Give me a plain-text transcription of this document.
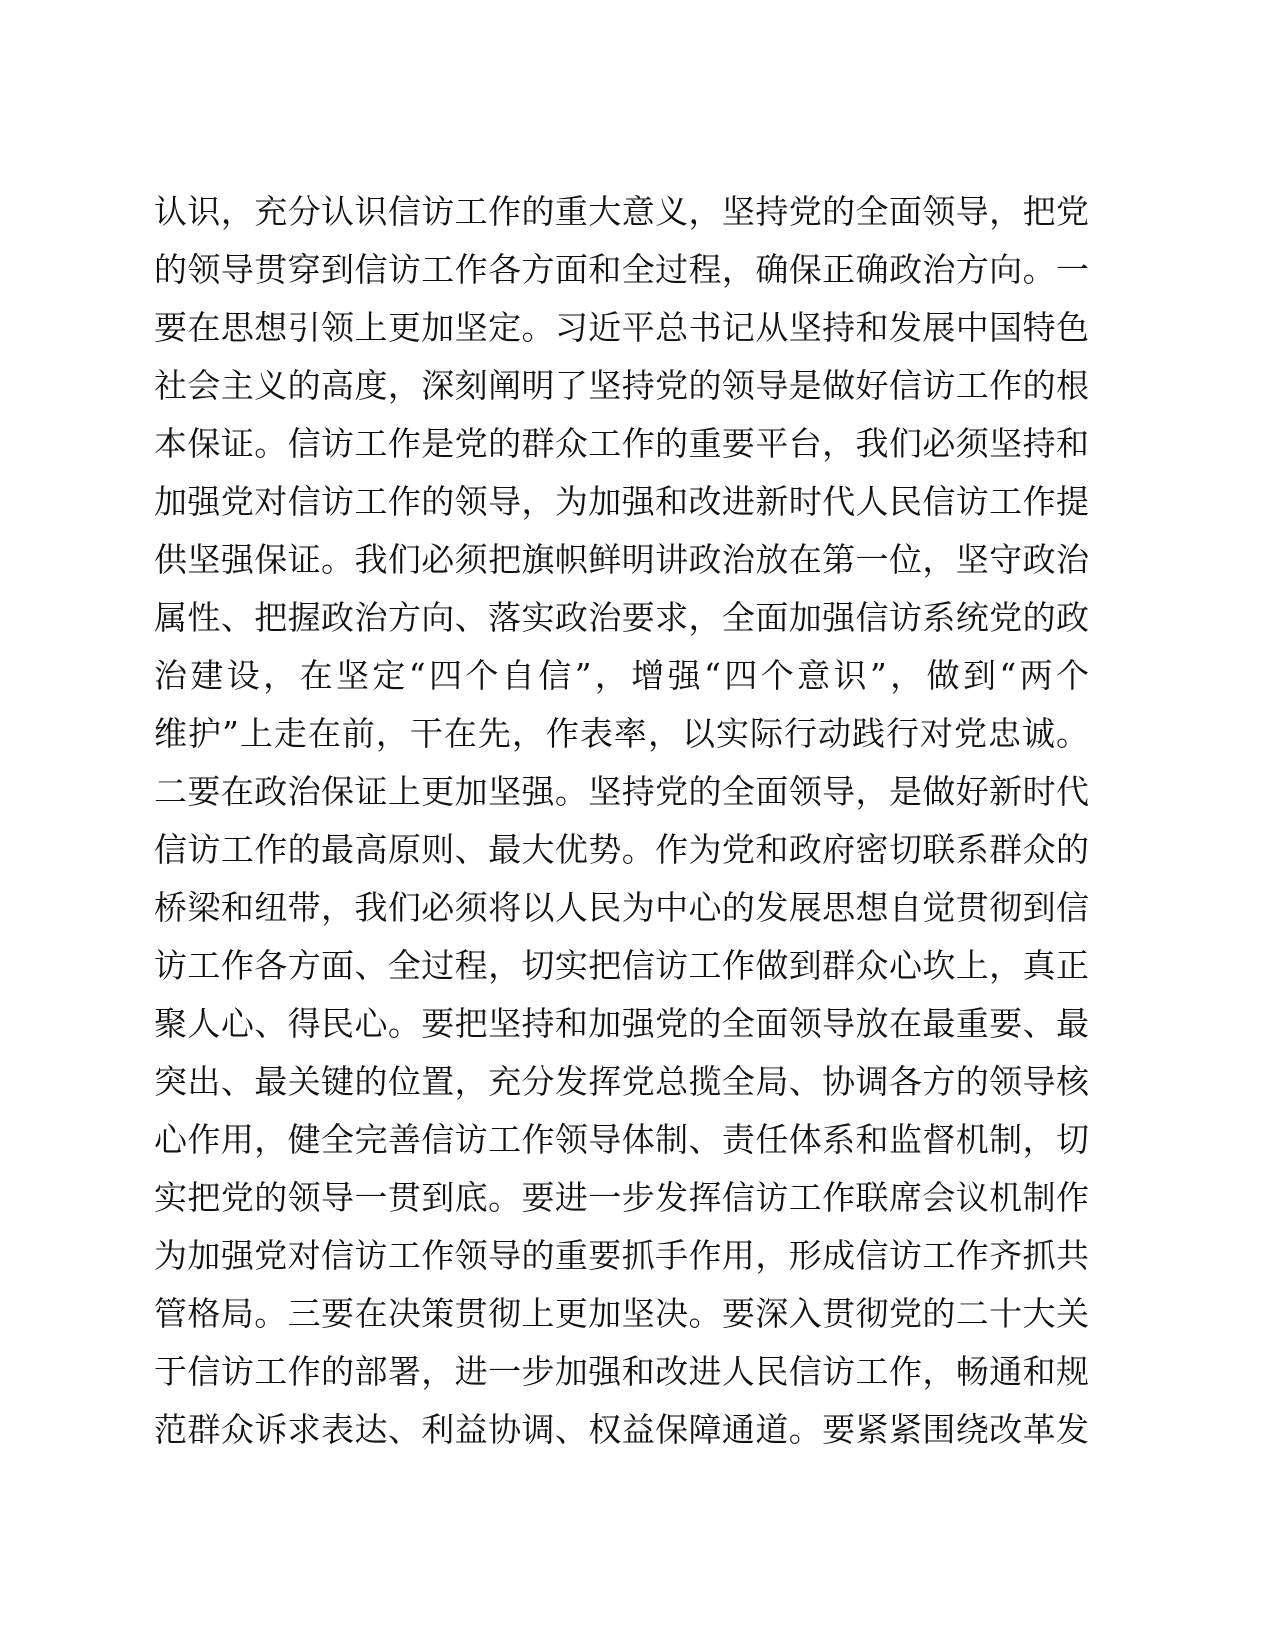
认识，充分认识信访工作的重大意义，坚持党的全面领导，把党
的领导贯穿到信访工作各方面和全过程，确保正确政治方向。一
要在思想引领上更加坚定。习近平总书记从坚持和发展中国特色
社会主义的高度，深刻阐明了坚持党的领导是做好信访工作的根
本保证。信访工作是党的群众工作的重要平台，我们必须坚持和
加强党对信访工作的领导，为加强和改进新时代人民信访工作提
供坚强保证。我们必须把旗帜鲜明讲政治放在第一位，坚守政治
属性、把握政治方向、落实政治要求，全面加强信访系统党的政
治建设，在坚定“四个自信”，增强“四个意识”，做到“两个
维护”上走在前，干在先，作表率，以实际行动践行对党忠诚。
二要在政治保证上更加坚强。坚持党的全面领导，是做好新时代
信访工作的最高原则、最大优势。作为党和政府密切联系群众的
桥梁和纽带，我们必须将以人民为中心的发展思想自觉贯彻到信
访工作各方面、全过程，切实把信访工作做到群众心坎上，真正
聚人心、得民心。要把坚持和加强党的全面领导放在最重要、最
突出、最关键的位置，充分发挥党总揽全局、协调各方的领导核
心作用，健全完善信访工作领导体制、责任体系和监督机制，切
实把党的领导一贯到底。要进一步发挥信访工作联席会议机制作
为加强党对信访工作领导的重要抓手作用，形成信访工作齐抓共
管格局。三要在决策贯彻上更加坚决。要深入贯彻党的二十大关
于信访工作的部署，进一步加强和改进人民信访工作，畅通和规
范群众诉求表达、利益协调、权益保障通道。要紧紧围绕改革发
